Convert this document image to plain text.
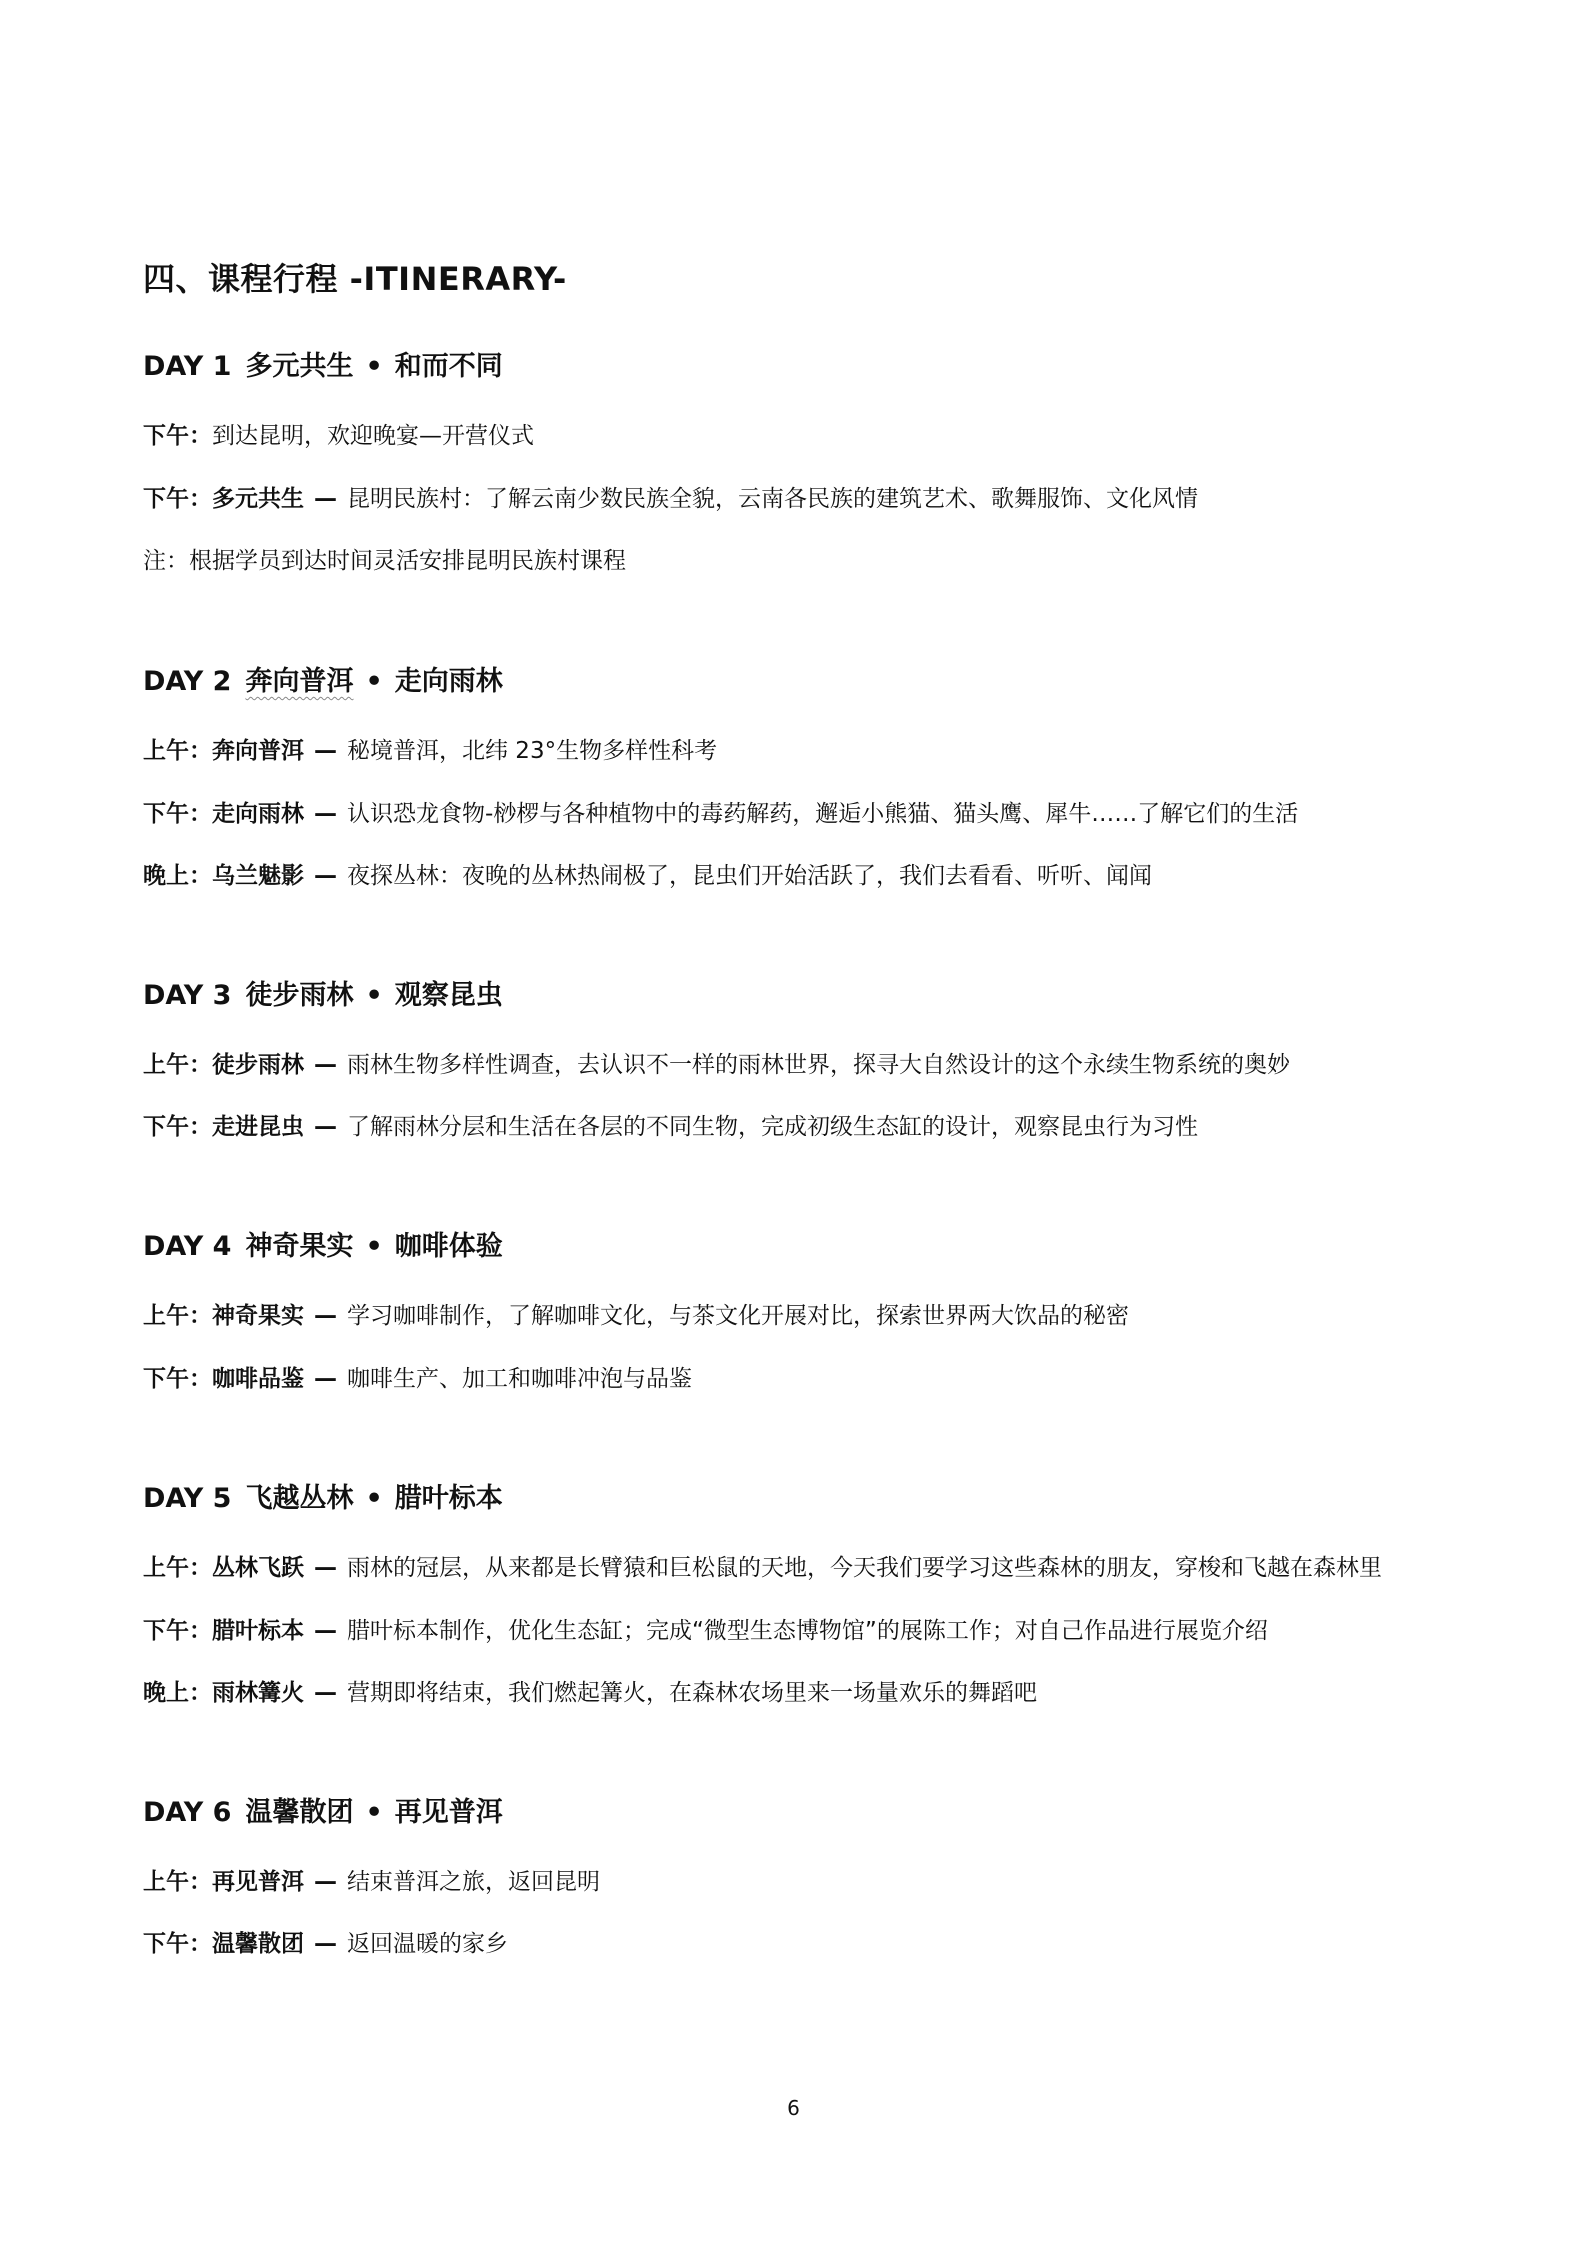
四、课程行程 -ITINERARY-
DAY 1 多元共生 • 和而不同
下午：到达昆明，欢迎晚宴—开营仪式
下午：多元共生 — 昆明民族村：了解云南少数民族全貌，云南各民族的建筑艺术、歌舞服饰、文化风情
注：根据学员到达时间灵活安排昆明民族村课程
DAY 2 奔向普洱 • 走向雨林
上午：奔向普洱 — 秘境普洱，北纬 23°生物多样性科考
下午：走向雨林 — 认识恐龙食物-桫椤与各种植物中的毒药解药，邂逅小熊猫、猫头鹰、犀牛……了解它们的生活
晚上：乌兰魅影 — 夜探丛林：夜晚的丛林热闹极了，昆虫们开始活跃了，我们去看看、听听、闻闻
DAY 3 徒步雨林 • 观察昆虫
上午：徒步雨林 — 雨林生物多样性调查，去认识不一样的雨林世界，探寻大自然设计的这个永续生物系统的奥妙
下午：走进昆虫 — 了解雨林分层和生活在各层的不同生物，完成初级生态缸的设计，观察昆虫行为习性
DAY 4 神奇果实 • 咖啡体验
上午：神奇果实 — 学习咖啡制作，了解咖啡文化，与茶文化开展对比，探索世界两大饮品的秘密
下午：咖啡品鉴 — 咖啡生产、加工和咖啡冲泡与品鉴
DAY 5 飞越丛林 • 腊叶标本
上午：丛林飞跃 — 雨林的冠层，从来都是长臂猿和巨松鼠的天地，今天我们要学习这些森林的朋友，穿梭和飞越在森林里
下午：腊叶标本 — 腊叶标本制作，优化生态缸；完成“微型生态博物馆”的展陈工作；对自己作品进行展览介绍
晚上：雨林篝火 — 营期即将结束，我们燃起篝火，在森林农场里来一场量欢乐的舞蹈吧
DAY 6 温馨散团 • 再见普洱
上午：再见普洱 — 结束普洱之旅，返回昆明
下午：温馨散团 — 返回温暖的家乡
6
